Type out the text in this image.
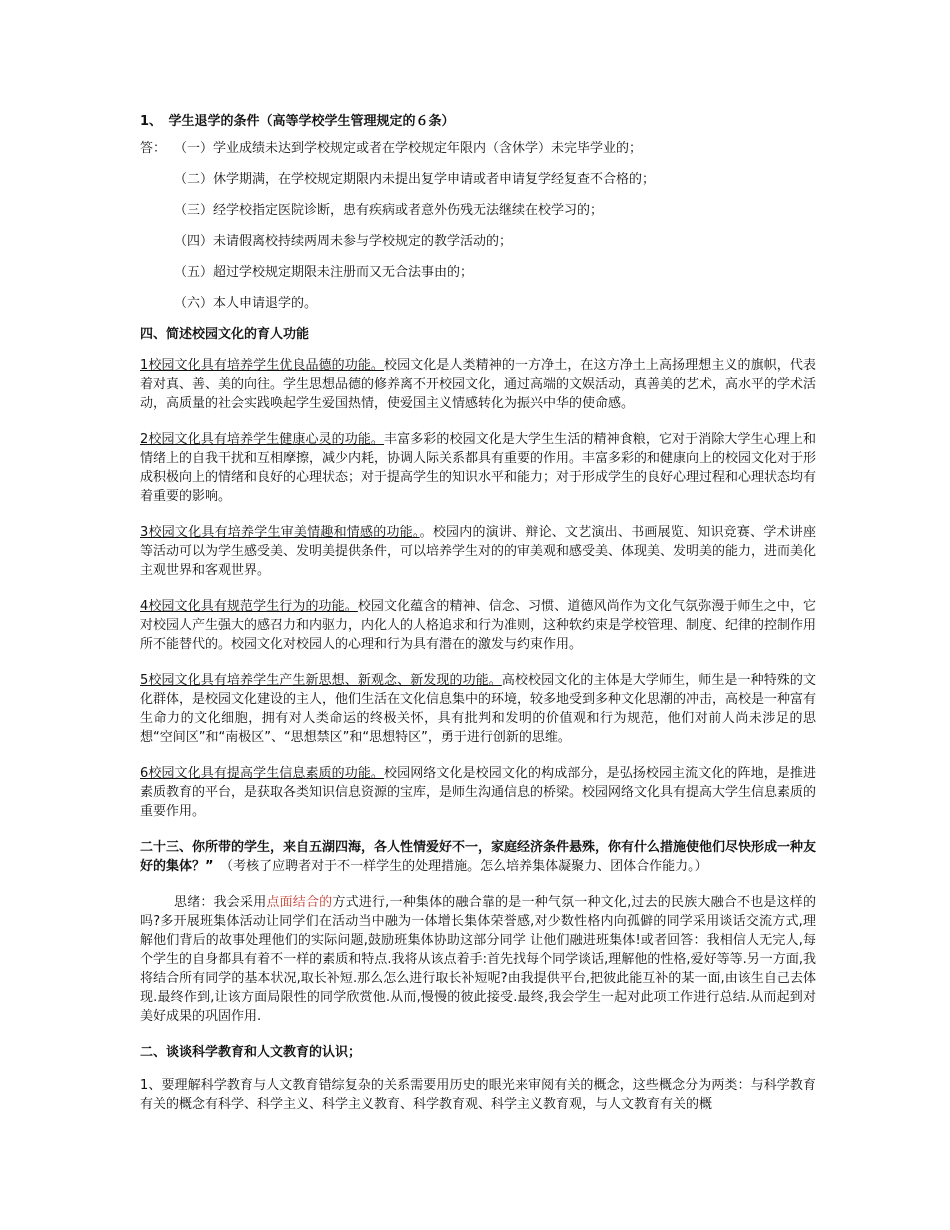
1、　学生退学的条件（高等学校学生管理规定的６条）
答： （一）学业成绩未达到学校规定或者在学校规定年限内（含休学）未完毕学业的；
（二）休学期满，在学校规定期限内未提出复学申请或者申请复学经复查不合格的；
（三）经学校指定医院诊断，患有疾病或者意外伤残无法继续在校学习的；
（四）未请假离校持续两周未参与学校规定的教学活动的；
（五）超过学校规定期限未注册而又无合法事由的；
（六）本人申请退学的。
四、简述校园文化的育人功能

1校园文化具有培养学生优良品德的功能。校园文化是人类精神的一方净土，在这方净土上高扬理想主义的旗帜，代表着对真、善、美的向往。学生思想品德的修养离不开校园文化，通过高端的文娱活动，真善美的艺术，高水平的学术活动，高质量的社会实践唤起学生爱国热情，使爱国主义情感转化为振兴中华的使命感。

2校园文化具有培养学生健康心灵的功能。丰富多彩的校园文化是大学生生活的精神食粮，它对于消除大学生心理上和情绪上的自我干扰和互相摩擦，减少内耗，协调人际关系都具有重要的作用。丰富多彩的和健康向上的校园文化对于形成积极向上的情绪和良好的心理状态；对于提高学生的知识水平和能力；对于形成学生的良好心理过程和心理状态均有着重要的影响。

3校园文化具有培养学生审美情趣和情感的功能。。校园内的演讲、辩论、文艺演出、书画展览、知识竞赛、学术讲座等活动可以为学生感受美、发明美提供条件，可以培养学生对的的审美观和感受美、体现美、发明美的能力，进而美化主观世界和客观世界。

4校园文化具有规范学生行为的功能。校园文化蕴含的精神、信念、习惯、道德风尚作为文化气氛弥漫于师生之中，它对校园人产生强大的感召力和内驱力，内化人的人格追求和行为准则，这种软约束是学校管理、制度、纪律的控制作用所不能替代的。校园文化对校园人的心理和行为具有潜在的激发与约束作用。

5校园文化具有培养学生产生新思想、新观念、新发现的功能。高校校园文化的主体是大学师生，师生是一种特殊的文化群体，是校园文化建设的主人，他们生活在文化信息集中的环境，较多地受到多种文化思潮的冲击，高校是一种富有生命力的文化细胞，拥有对人类命运的终极关怀，具有批判和发明的价值观和行为规范，他们对前人尚未涉足的思想“空间区”和“南极区”、“思想禁区”和“思想特区”，勇于进行创新的思维。

6校园文化具有提高学生信息素质的功能。校园网络文化是校园文化的构成部分，是弘扬校园主流文化的阵地，是推进素质教育的平台，是获取各类知识信息资源的宝库，是师生沟通信息的桥梁。校园网络文化具有提高大学生信息素质的重要作用。

二十三、你所带的学生，来自五湖四海，各人性情爱好不一，家庭经济条件悬殊，你有什么措施使他们尽快形成一种友好的集体？”　 （考核了应聘者对于不一样学生的处理措施。怎么培养集体凝聚力、团体合作能力。）

思绪：我会采用点面结合的方式进行,一种集体的融合靠的是一种气氛一种文化,过去的民族大融合不也是这样的吗?多开展班集体活动让同学们在活动当中融为一体增长集体荣誉感,对少数性格内向孤僻的同学采用谈话交流方式,理解他们背后的故事处理他们的实际问题,鼓励班集体协助这部分同学 让他们融进班集体!或者回答：我相信人无完人,每个学生的自身都具有着不一样的素质和特点.我将从该点着手:首先找每个同学谈话,理解他的性格,爱好等等.另一方面,我将结合所有同学的基本状况,取长补短.那么怎么进行取长补短呢?由我提供平台,把彼此能互补的某一面,由该生自己去体现.最终作到,让该方面局限性的同学欣赏他.从而,慢慢的彼此接受.最终,我会学生一起对此项工作进行总结.从而起到对美好成果的巩固作用.

二、谈谈科学教育和人文教育的认识；

1、要理解科学教育与人文教育错综复杂的关系需要用历史的眼光来审阅有关的概念，这些概念分为两类：与科学教育有关的概念有科学、科学主义、科学主义教育、科学教育观、科学主义教育观，与人文教育有关的概
